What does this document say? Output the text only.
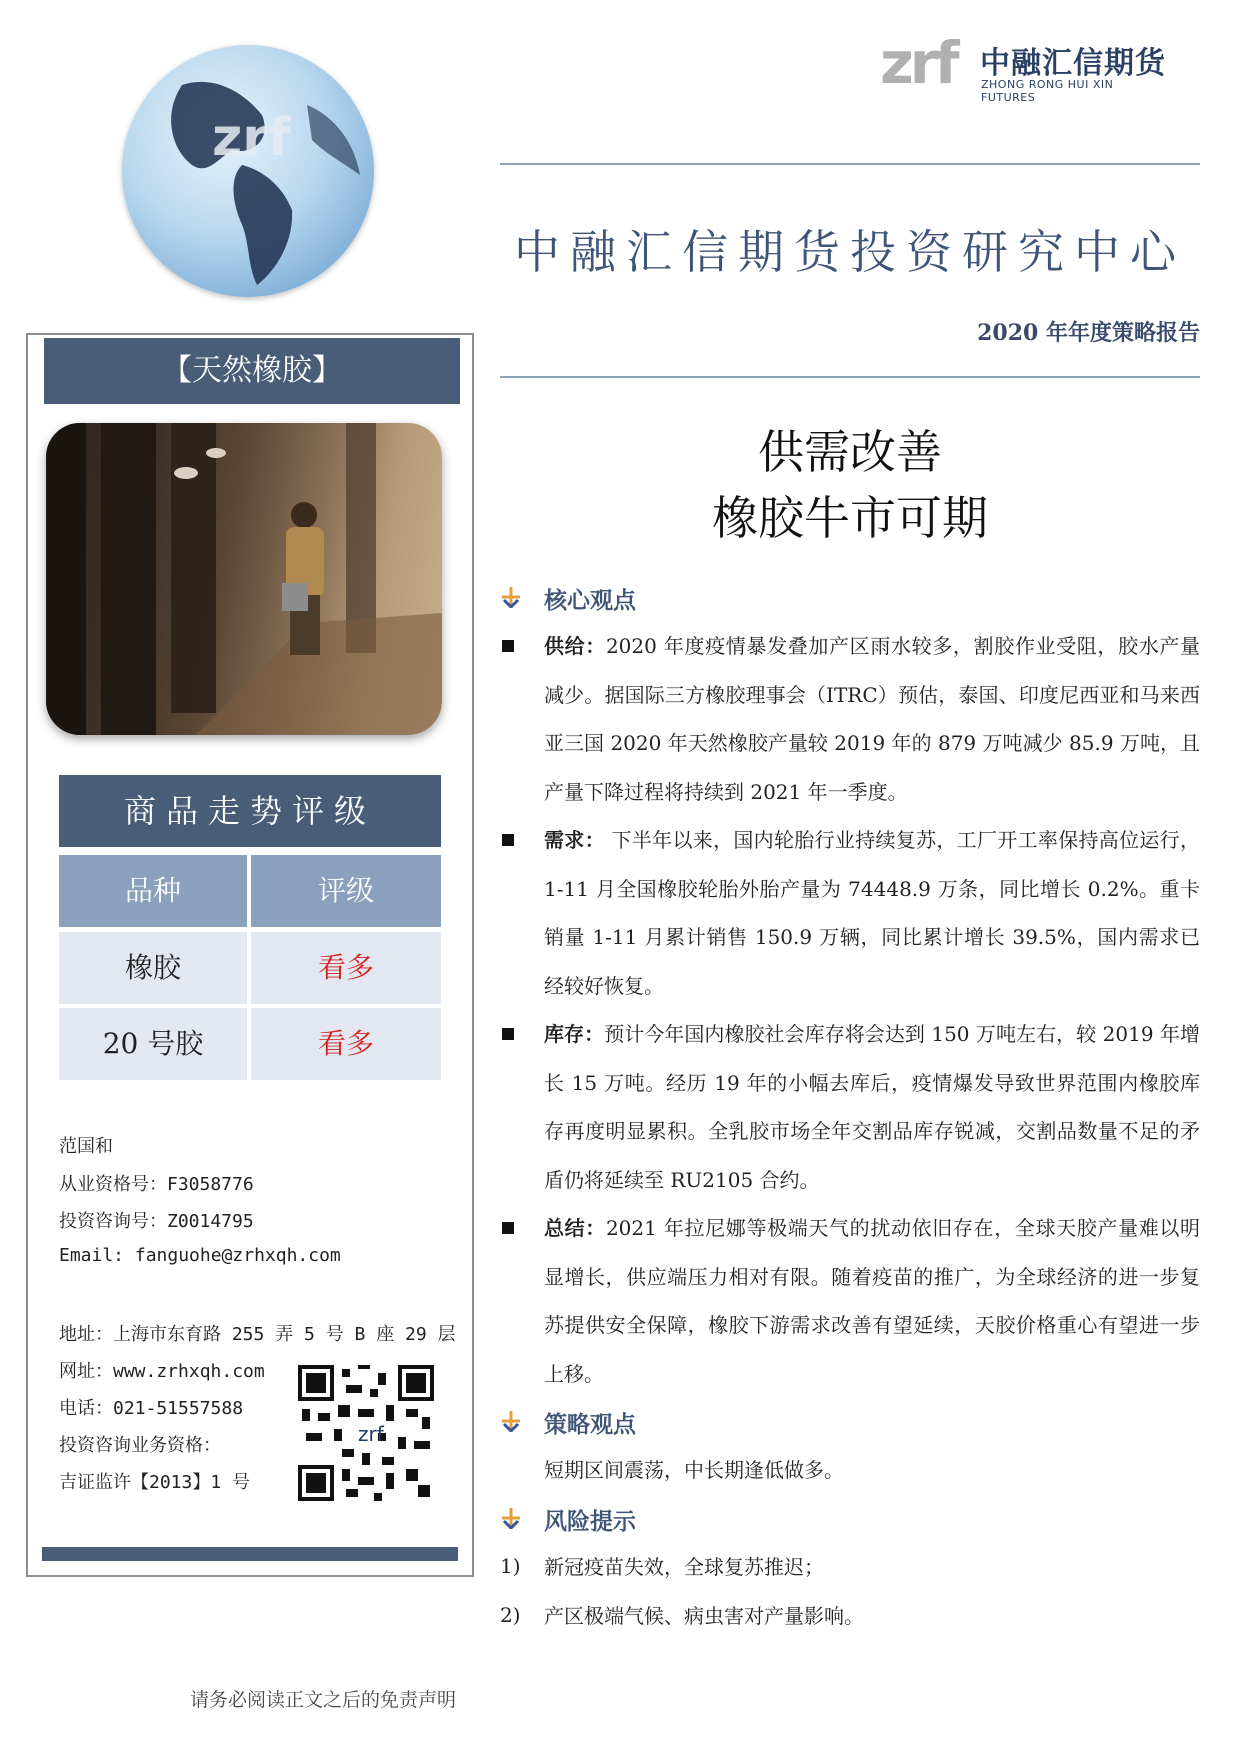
zrf
zrf 中融汇信期货
ZHONG RONG HUI XIN FUTURES
中融汇信期货投资研究中心
2020 年年度策略报告
供需改善
橡胶牛市可期
【天然橡胶】
商品走势评级
品种	评级
橡胶	看多
20 号胶	看多
范国和
从业资格号：F3058776
投资咨询号：Z0014795
Email: fanguohe@zrhxqh.com
地址：上海市东育路 255 弄 5 号 B 座 29 层
网址：www.zrhxqh.com
电话：021-51557588
投资咨询业务资格：
吉证监许【2013】1 号
zrf
核心观点
供给：2020 年度疫情暴发叠加产区雨水较多，割胶作业受阻，胶水产量减少。据国际三方橡胶理事会（ITRC）预估，泰国、印度尼西亚和马来西亚三国 2020 年天然橡胶产量较 2019 年的 879 万吨减少 85.9 万吨，且产量下降过程将持续到 2021 年一季度。
需求： 下半年以来，国内轮胎行业持续复苏，工厂开工率保持高位运行，1-11 月全国橡胶轮胎外胎产量为 74448.9 万条，同比增长 0.2%。重卡销量 1-11 月累计销售 150.9 万辆，同比累计增长 39.5%，国内需求已经较好恢复。
库存：预计今年国内橡胶社会库存将会达到 150 万吨左右，较 2019 年增长 15 万吨。经历 19 年的小幅去库后，疫情爆发导致世界范围内橡胶库存再度明显累积。全乳胶市场全年交割品库存锐减，交割品数量不足的矛盾仍将延续至 RU2105 合约。
总结：2021 年拉尼娜等极端天气的扰动依旧存在，全球天胶产量难以明显增长，供应端压力相对有限。随着疫苗的推广，为全球经济的进一步复苏提供安全保障，橡胶下游需求改善有望延续，天胶价格重心有望进一步上移。
策略观点
短期区间震荡，中长期逢低做多。
风险提示
1) 新冠疫苗失效，全球复苏推迟；
2) 产区极端气候、病虫害对产量影响。
请务必阅读正文之后的免责声明
